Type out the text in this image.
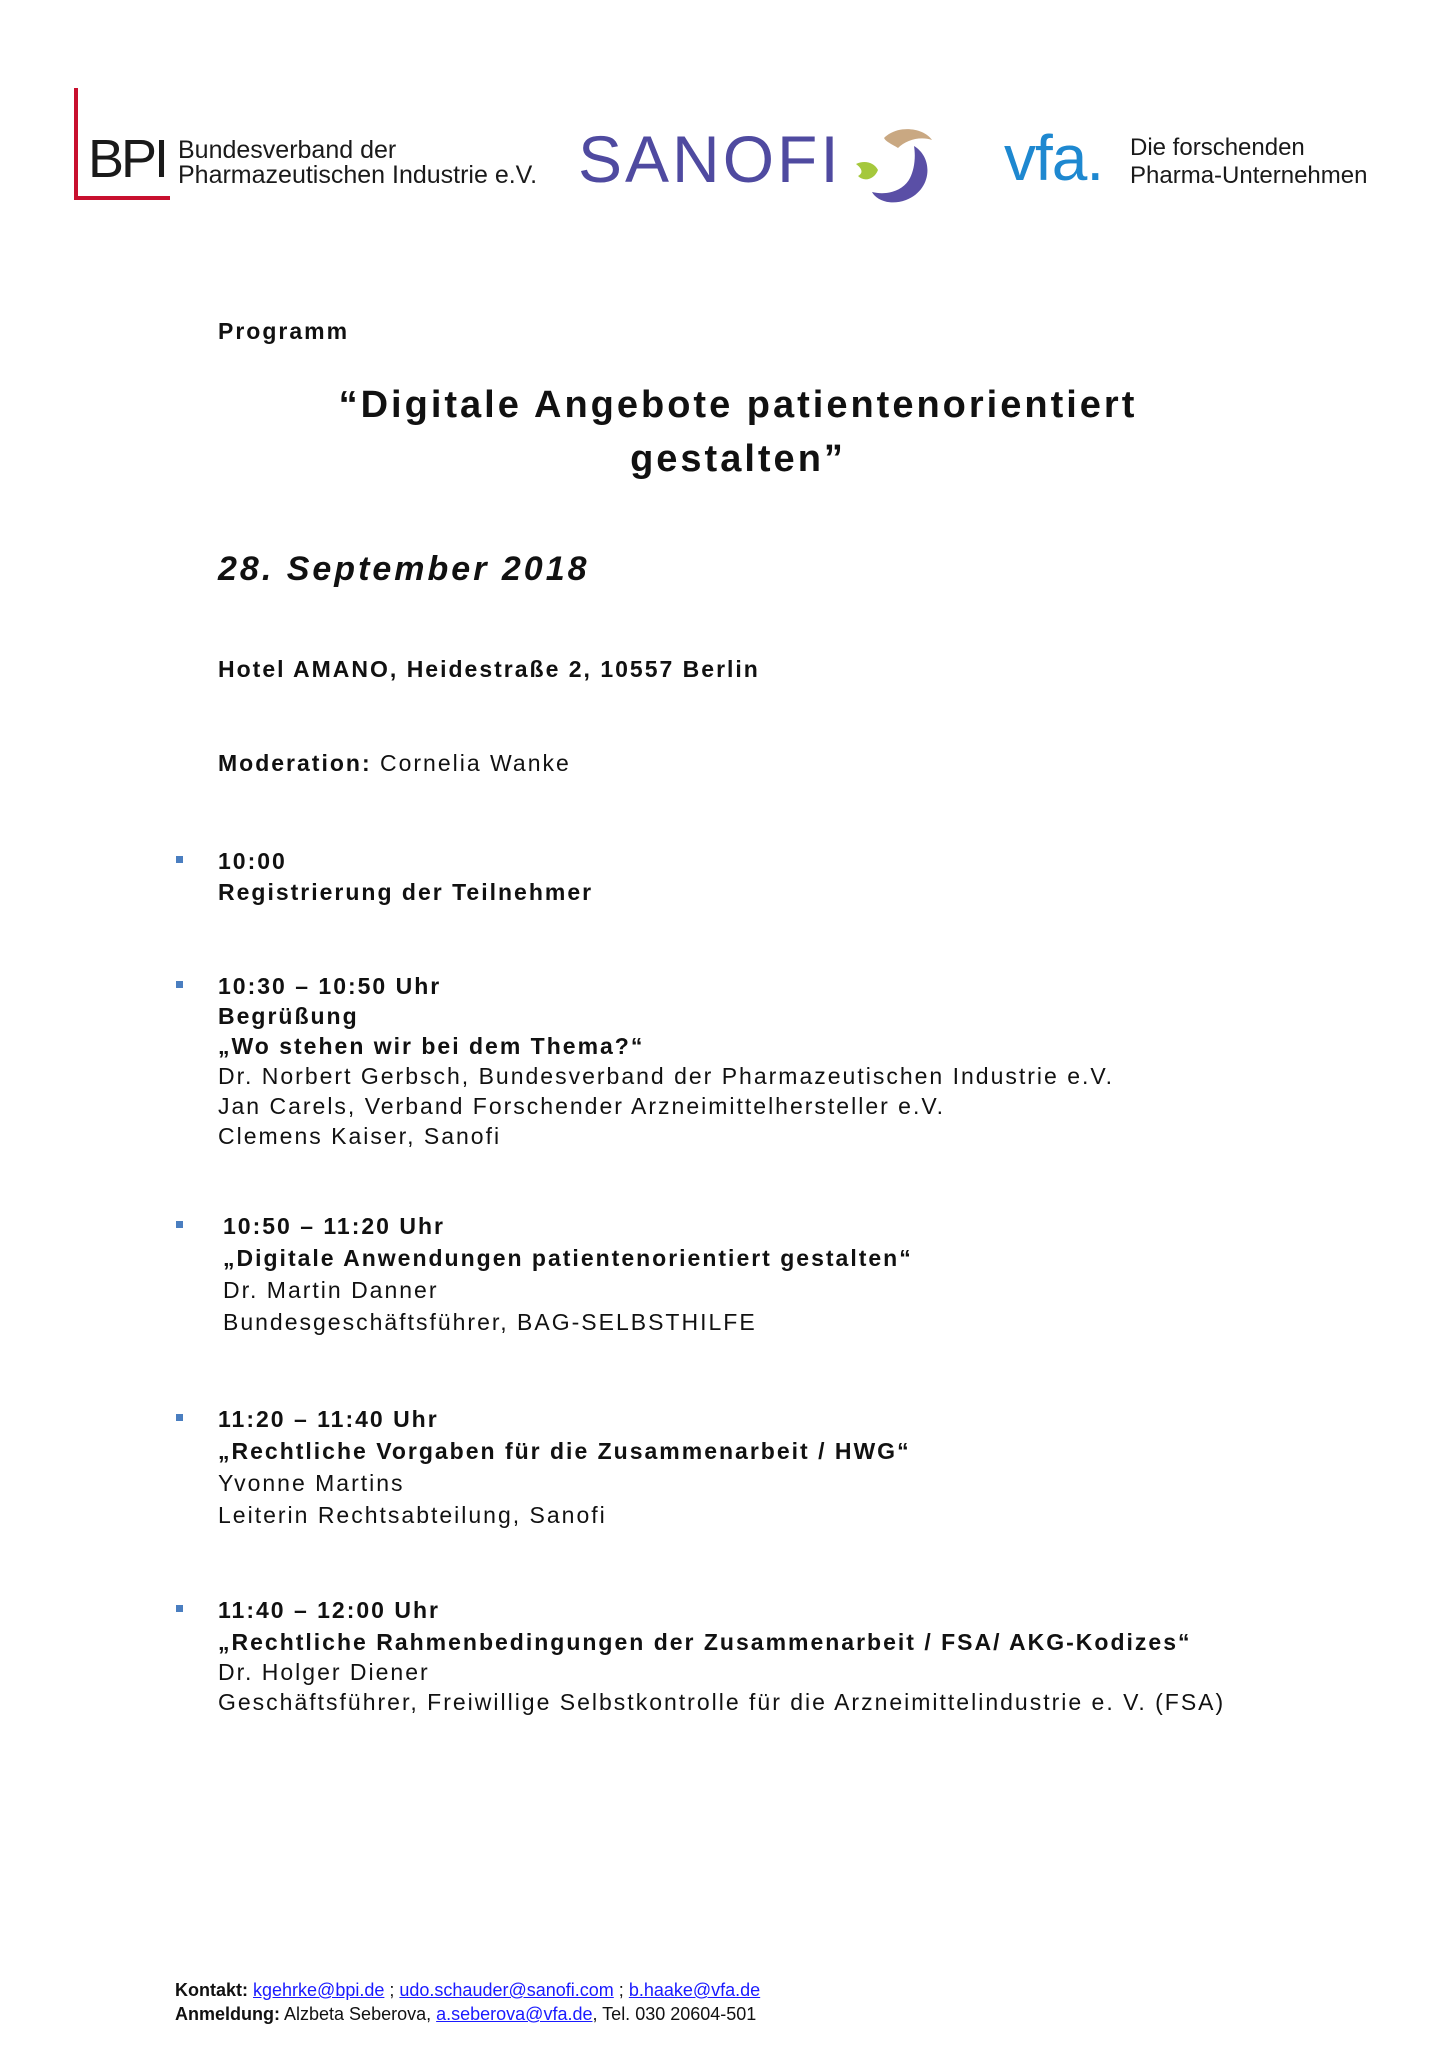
BPI Bundesverband der
Pharmazeutischen Industrie e.V. SANOFI	vfa. Die forschenden
Pharma-Unternehmen
Programm
“Digitale Angebote patientenorientiert
gestalten”
28. September 2018
Hotel AMANO, Heidestraße 2, 10557 Berlin
Moderation: Cornelia Wanke
10:00
Registrierung der Teilnehmer
10:30 – 10:50 Uhr
Begrüßung
„Wo stehen wir bei dem Thema?“
Dr. Norbert Gerbsch, Bundesverband der Pharmazeutischen Industrie e.V.
Jan Carels, Verband Forschender Arzneimittelhersteller e.V.
Clemens Kaiser, Sanofi
10:50 – 11:20 Uhr
„Digitale Anwendungen patientenorientiert gestalten“
Dr. Martin Danner
Bundesgeschäftsführer, BAG-SELBSTHILFE
11:20 – 11:40 Uhr
„Rechtliche Vorgaben für die Zusammenarbeit / HWG“
Yvonne Martins
Leiterin Rechtsabteilung, Sanofi
11:40 – 12:00 Uhr
„Rechtliche Rahmenbedingungen der Zusammenarbeit / FSA/ AKG-Kodizes“
Dr. Holger Diener
Geschäftsführer, Freiwillige Selbstkontrolle für die Arzneimittelindustrie e. V. (FSA)
Kontakt: kgehrke@bpi.de ; udo.schauder@sanofi.com ; b.haake@vfa.de
Anmeldung: Alzbeta Seberova, a.seberova@vfa.de, Tel. 030 20604-501
